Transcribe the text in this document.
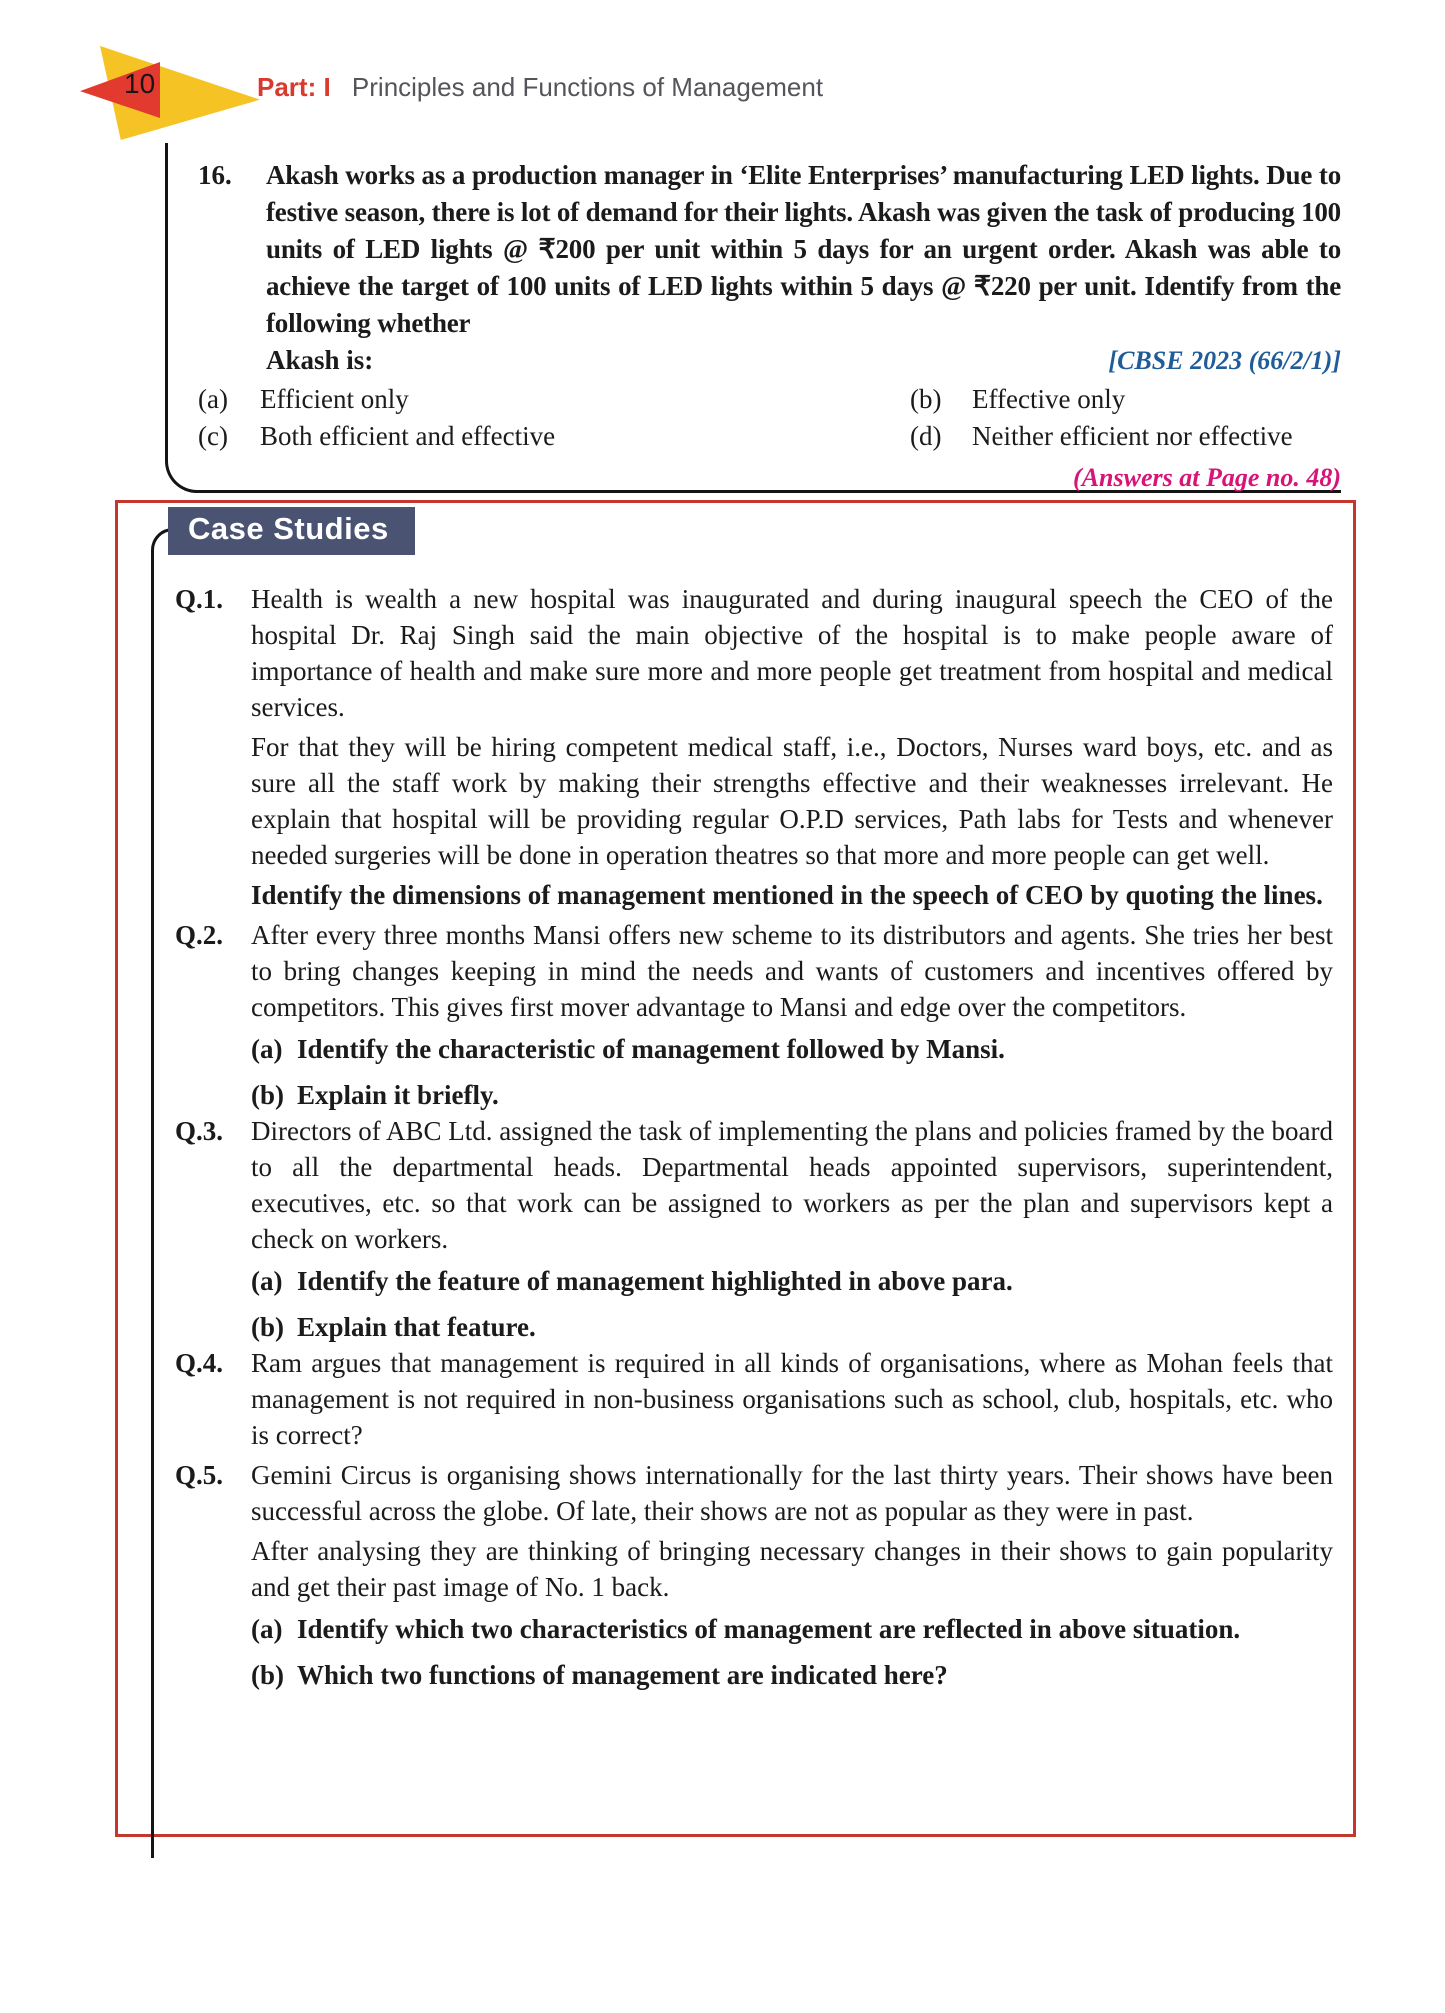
10	Part: I Principles and Functions of Management
16.	Akash works as a production manager in ‘Elite Enterprises’ manufacturing LED lights. Due to festive season, there is lot of demand for their lights. Akash was given the task of producing 100 units of LED lights @ ₹200 per unit within 5 days for an urgent order. Akash was able to achieve the target of 100 units of LED lights within 5 days @ ₹220 per unit. Identify from the following whether
Akash is:	[CBSE 2023 (66/2/1)]
(a)	Efficient only	(b)	Effective only
(c)	Both efficient and effective	(d)	Neither efficient nor effective
(Answers at Page no. 48)
Case Studies
Q.1.	Health is wealth a new hospital was inaugurated and during inaugural speech the CEO of the hospital Dr. Raj Singh said the main objective of the hospital is to make people aware of importance of health and make sure more and more people get treatment from hospital and medical services.
For that they will be hiring competent medical staff, i.e., Doctors, Nurses ward boys, etc. and as sure all the staff work by making their strengths effective and their weaknesses irrelevant. He explain that hospital will be providing regular O.P.D services, Path labs for Tests and whenever needed surgeries will be done in operation theatres so that more and more people can get well.
Identify the dimensions of management mentioned in the speech of CEO by quoting the lines.
Q.2.	After every three months Mansi offers new scheme to its distributors and agents. She tries her best to bring changes keeping in mind the needs and wants of customers and incentives offered by competitors. This gives first mover advantage to Mansi and edge over the competitors.
(a) Identify the characteristic of management followed by Mansi.
(b) Explain it briefly.
Q.3.	Directors of ABC Ltd. assigned the task of implementing the plans and policies framed by the board to all the departmental heads. Departmental heads appointed supervisors, superintendent, executives, etc. so that work can be assigned to workers as per the plan and supervisors kept a check on workers.
(a) Identify the feature of management highlighted in above para.
(b) Explain that feature.
Q.4.	Ram argues that management is required in all kinds of organisations, where as Mohan feels that management is not required in non-business organisations such as school, club, hospitals, etc. who is correct?
Q.5.	Gemini Circus is organising shows internationally for the last thirty years. Their shows have been successful across the globe. Of late, their shows are not as popular as they were in past.
After analysing they are thinking of bringing necessary changes in their shows to gain popularity and get their past image of No. 1 back.
(a) Identify which two characteristics of management are reflected in above situation.
(b) Which two functions of management are indicated here?
